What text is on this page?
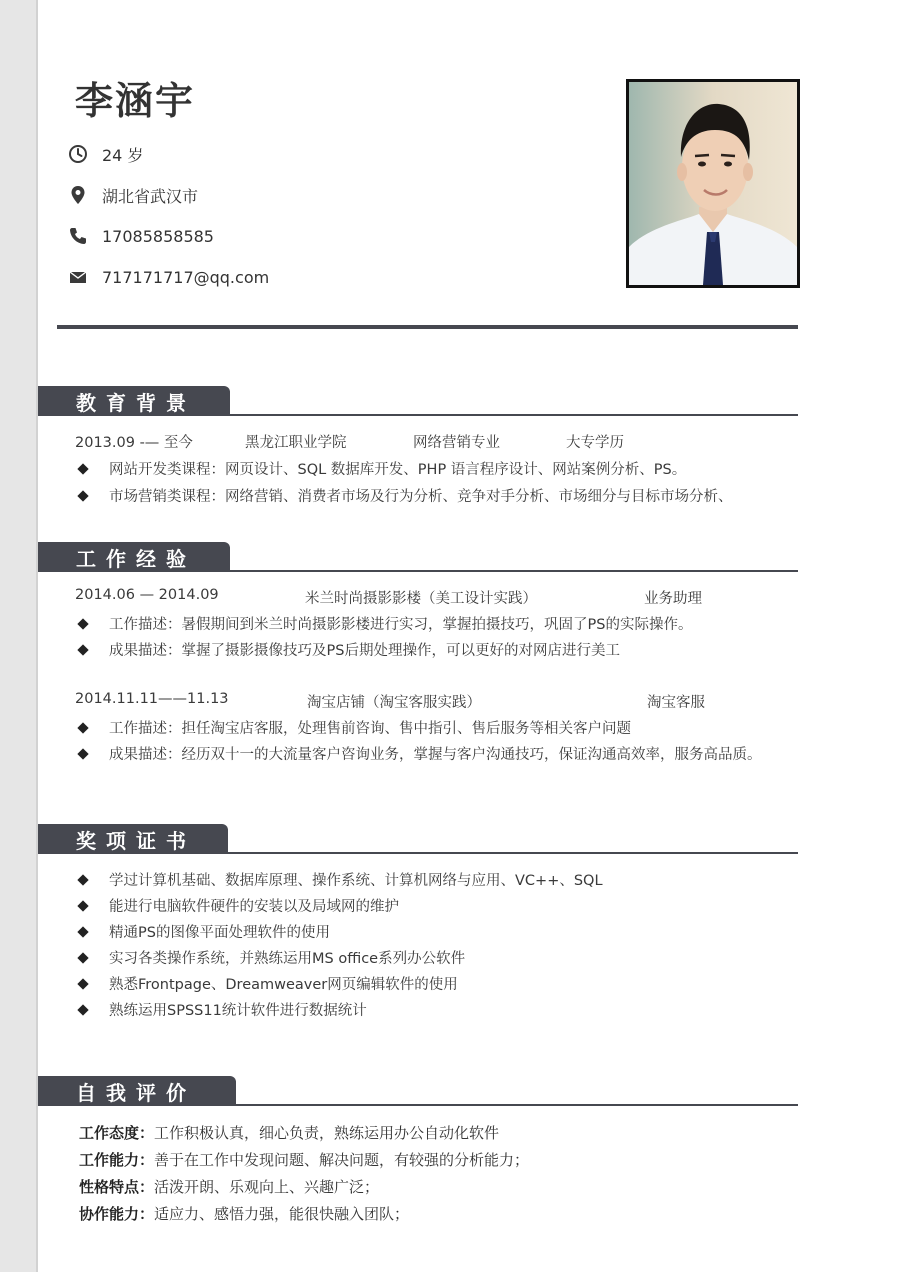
李涵宇
24 岁
湖北省武汉市
17085858585
717171717@qq.com
教育背景
2013.09 -— 至今	黑龙江职业学院	网络营销专业	大专学历
网站开发类课程：网页设计、SQL 数据库开发、PHP 语言程序设计、网站案例分析、PS。
市场营销类课程：网络营销、消费者市场及行为分析、竞争对手分析、市场细分与目标市场分析、
工作经验
2014.06 — 2014.09	米兰时尚摄影影楼（美工设计实践）	业务助理
工作描述：暑假期间到米兰时尚摄影影楼进行实习，掌握拍摄技巧，巩固了PS的实际操作。
成果描述：掌握了摄影摄像技巧及PS后期处理操作，可以更好的对网店进行美工
2014.11.11——11.13	淘宝店铺（淘宝客服实践）	淘宝客服
工作描述：担任淘宝店客服，处理售前咨询、售中指引、售后服务等相关客户问题
成果描述：经历双十一的大流量客户咨询业务，掌握与客户沟通技巧，保证沟通高效率，服务高品质。
奖项证书
学过计算机基础、数据库原理、操作系统、计算机网络与应用、VC++、SQL
能进行电脑软件硬件的安装以及局域网的维护
精通PS的图像平面处理软件的使用
实习各类操作系统，并熟练运用MS office系列办公软件
熟悉Frontpage、Dreamweaver网页编辑软件的使用
熟练运用SPSS11统计软件进行数据统计
自我评价
工作态度：工作积极认真，细心负责，熟练运用办公自动化软件
工作能力：善于在工作中发现问题、解决问题，有较强的分析能力；
性格特点：活泼开朗、乐观向上、兴趣广泛；
协作能力：适应力、感悟力强，能很快融入团队；
